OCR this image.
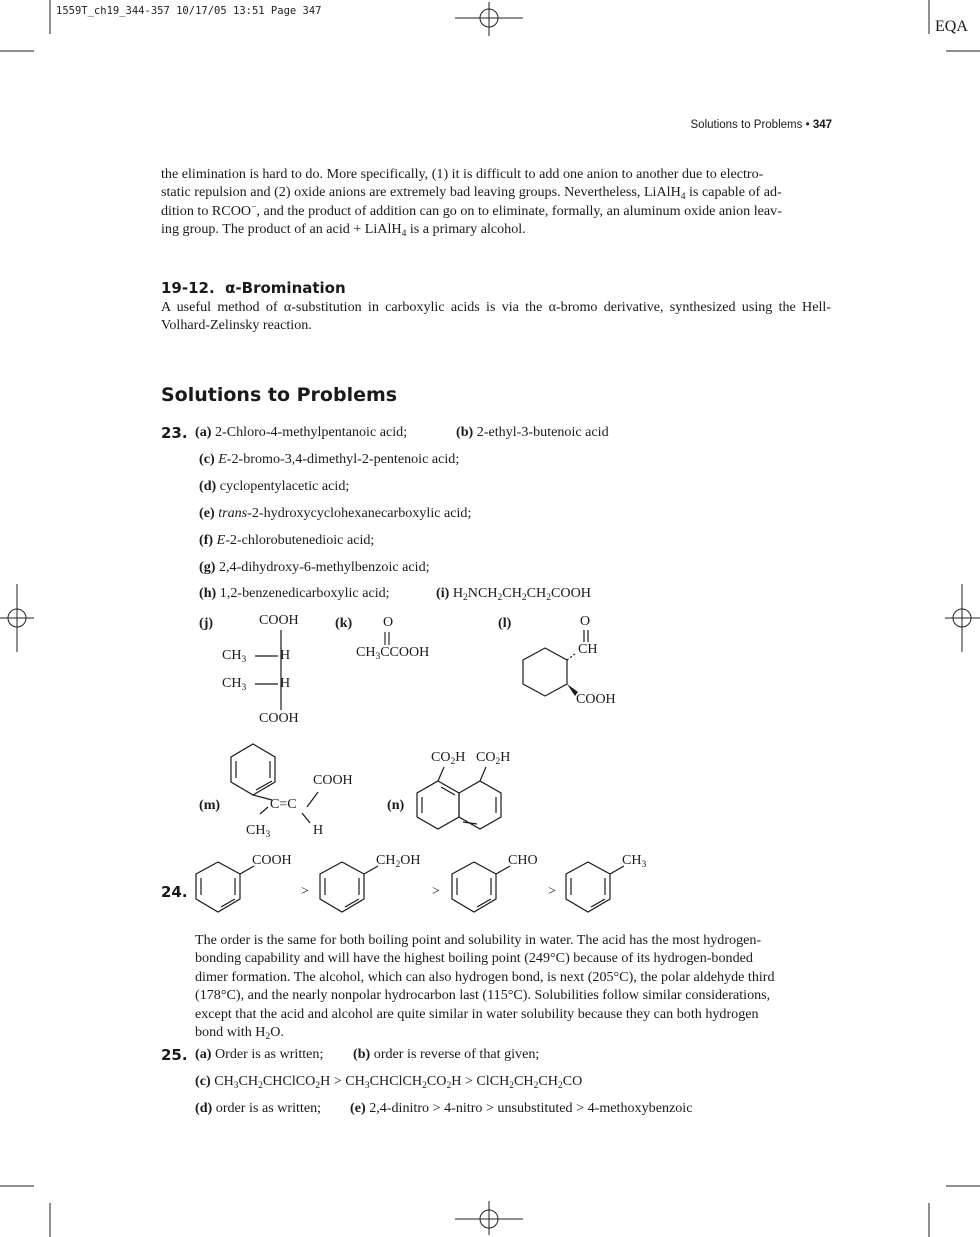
1559T_ch19_344-357 10/17/05 13:51 Page 347
EQA
Solutions to Problems • 347
the elimination is hard to do. More specifically, (1) it is difficult to add one anion to another due to electro-
static repulsion and (2) oxide anions are extremely bad leaving groups. Nevertheless, LiAlH$_4$ is capable of ad-
dition to RCOO−, and the product of addition can go on to eliminate, formally, an aluminum oxide anion leav-
ing group. The product of an acid + LiAlH$_4$ is a primary alcohol.
19-12. α-Bromination
A useful method of α-substitution in carboxylic acids is via the α-bromo derivative, synthesized using the Hell-Volhard-Zelinsky reaction.
Solutions to Problems
23. (a) 2-Chloro-4-methylpentanoic acid;	(b) 2-ethyl-3-butenoic acid
(c) E-2-bromo-3,4-dimethyl-2-pentenoic acid;
(d) cyclopentylacetic acid;
(e) trans-2-hydroxycyclohexanecarboxylic acid;
(f) E-2-chlorobutenedioic acid;
(g) 2,4-dihydroxy-6-methylbenzoic acid;
(h) 1,2-benzenedicarboxylic acid;	(i) $H_2NCH_2CH_2CH_2COOH$
(j)	COOH
$CH_3$ H
$CH_3$ H
COOH
(k) O
$CH_3CCOOH$
(l)	O
CH
COOH
(m)
COOH
C=C
$CH_3$	H
(n)
$CO_2H$ $CO_2H$
24.
COOH	$CH_2OH$	CHO	$CH_3$
>	>	>
The order is the same for both boiling point and solubility in water. The acid has the most hydrogen-
bonding capability and will have the highest boiling point (249°C) because of its hydrogen-bonded
dimer formation. The alcohol, which can also hydrogen bond, is next (205°C), the polar aldehyde third
(178°C), and the nearly nonpolar hydrocarbon last (115°C). Solubilities follow similar considerations,
except that the acid and alcohol are quite similar in water solubility because they can both hydrogen
bond with $H_2O$.
25. (a) Order is as written; (b) order is reverse of that given;
(c) $CH_3CH_2CHClCO_2H$ > $CH_3CHClCH_2CO_2H$ > $ClCH_2CH_2CH_2CO$
(d) order is as written; (e) 2,4-dinitro > 4-nitro > unsubstituted > 4-methoxybenzoic
